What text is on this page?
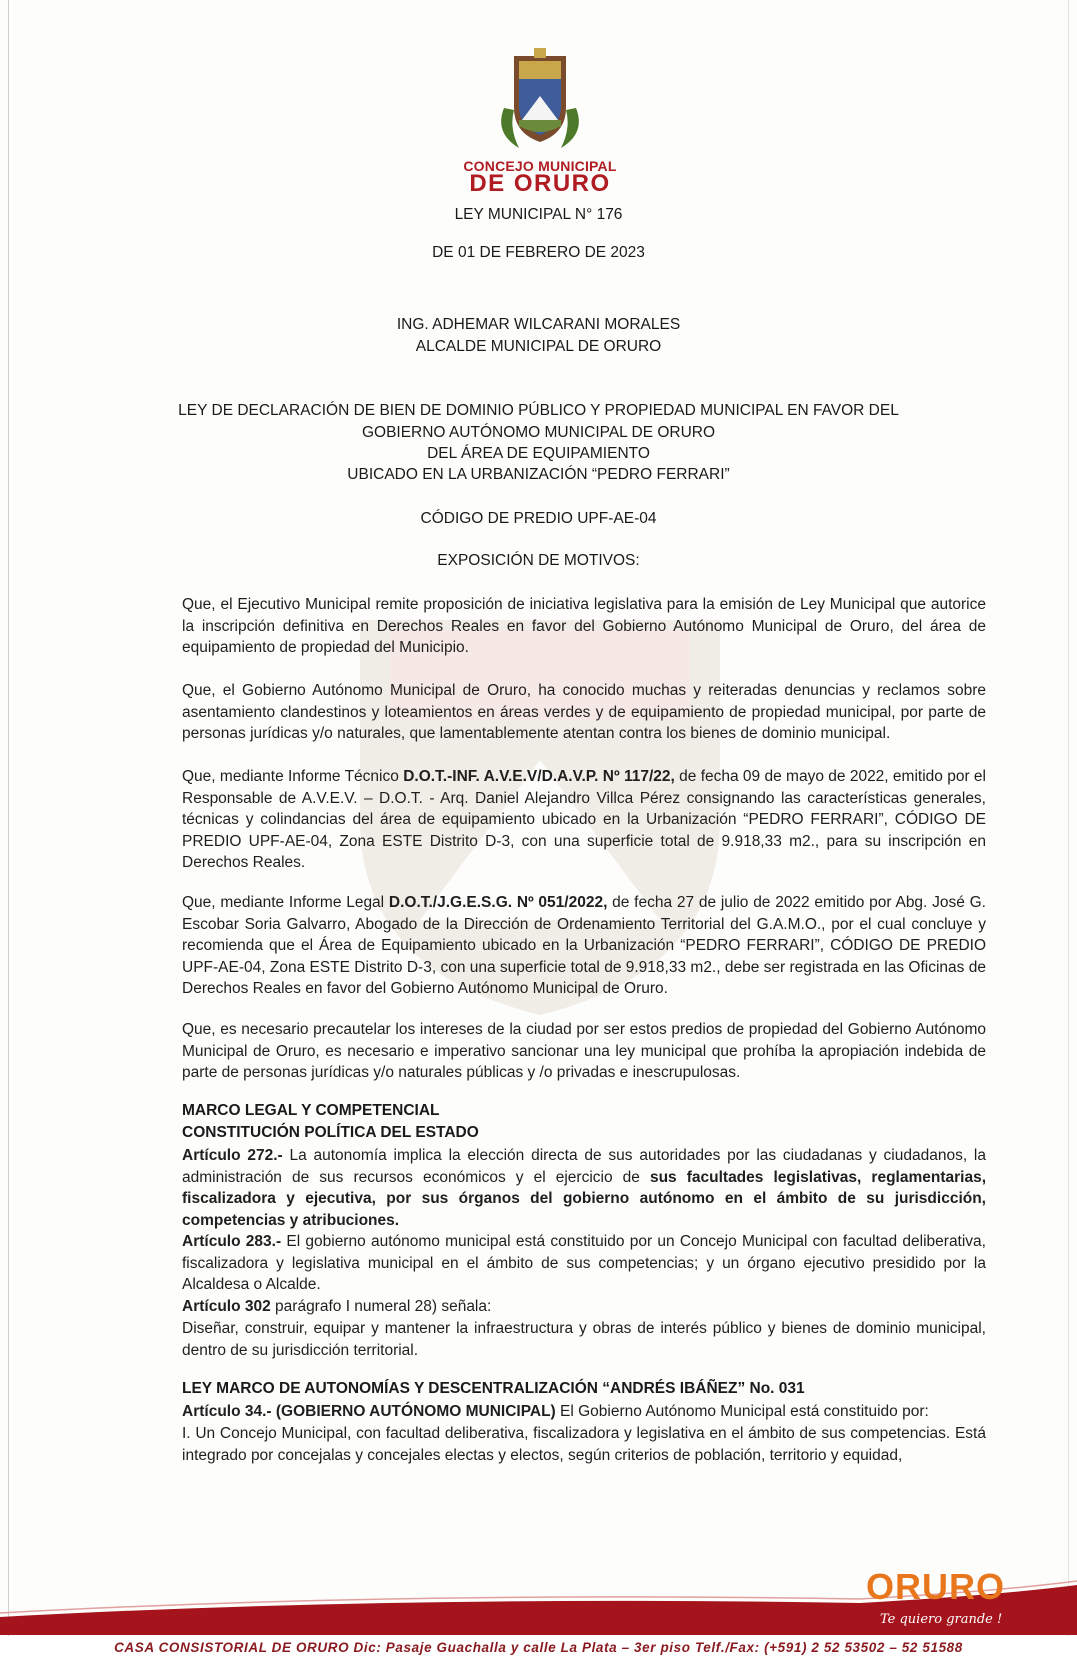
CONCEJO MUNICIPAL
DE ORURO
LEY MUNICIPAL N° 176
DE 01 DE FEBRERO DE 2023
ING. ADHEMAR WILCARANI MORALES
ALCALDE MUNICIPAL DE ORURO
LEY DE DECLARACIÓN DE BIEN DE DOMINIO PÚBLICO Y PROPIEDAD MUNICIPAL EN FAVOR DEL
GOBIERNO AUTÓNOMO MUNICIPAL DE ORURO
DEL ÁREA DE EQUIPAMIENTO
UBICADO EN LA URBANIZACIÓN “PEDRO FERRARI”
CÓDIGO DE PREDIO UPF-AE-04
EXPOSICIÓN DE MOTIVOS:
Que, el Ejecutivo Municipal remite proposición de iniciativa legislativa para la emisión de Ley Municipal que autorice la inscripción definitiva en Derechos Reales en favor del Gobierno Autónomo Municipal de Oruro, del área de equipamiento de propiedad del Municipio.
Que, el Gobierno Autónomo Municipal de Oruro, ha conocido muchas y reiteradas denuncias y reclamos sobre asentamiento clandestinos y loteamientos en áreas verdes y de equipamiento de propiedad municipal, por parte de personas jurídicas y/o naturales, que lamentablemente atentan contra los bienes de dominio municipal.
Que, mediante Informe Técnico D.O.T.-INF. A.V.E.V/D.A.V.P. Nº 117/22, de fecha 09 de mayo de 2022, emitido por el Responsable de A.V.E.V. – D.O.T. - Arq. Daniel Alejandro Villca Pérez consignando las características generales, técnicas y colindancias del área de equipamiento ubicado en la Urbanización “PEDRO FERRARI”, CÓDIGO DE PREDIO UPF-AE-04, Zona ESTE Distrito D-3, con una superficie total de 9.918,33 m2., para su inscripción en Derechos Reales.
Que, mediante Informe Legal D.O.T./J.G.E.S.G. Nº 051/2022, de fecha 27 de julio de 2022 emitido por Abg. José G. Escobar Soria Galvarro, Abogado de la Dirección de Ordenamiento Territorial del G.A.M.O., por el cual concluye y recomienda que el Área de Equipamiento ubicado en la Urbanización “PEDRO FERRARI”, CÓDIGO DE PREDIO UPF-AE-04, Zona ESTE Distrito D-3, con una superficie total de 9.918,33 m2., debe ser registrada en las Oficinas de Derechos Reales en favor del Gobierno Autónomo Municipal de Oruro.
Que, es necesario precautelar los intereses de la ciudad por ser estos predios de propiedad del Gobierno Autónomo Municipal de Oruro, es necesario e imperativo sancionar una ley municipal que prohíba la apropiación indebida de parte de personas jurídicas y/o naturales públicas y /o privadas e inescrupulosas.
MARCO LEGAL Y COMPETENCIAL
CONSTITUCIÓN POLÍTICA DEL ESTADO
Artículo 272.- La autonomía implica la elección directa de sus autoridades por las ciudadanas y ciudadanos, la administración de sus recursos económicos y el ejercicio de sus facultades legislativas, reglamentarias, fiscalizadora y ejecutiva, por sus órganos del gobierno autónomo en el ámbito de su jurisdicción, competencias y atribuciones.
Artículo 283.- El gobierno autónomo municipal está constituido por un Concejo Municipal con facultad deliberativa, fiscalizadora y legislativa municipal en el ámbito de sus competencias; y un órgano ejecutivo presidido por la Alcaldesa o Alcalde.
Artículo 302 parágrafo I numeral 28) señala:
Diseñar, construir, equipar y mantener la infraestructura y obras de interés público y bienes de dominio municipal, dentro de su jurisdicción territorial.
LEY MARCO DE AUTONOMÍAS Y DESCENTRALIZACIÓN “ANDRÉS IBÁÑEZ” No. 031
Artículo 34.- (GOBIERNO AUTÓNOMO MUNICIPAL) El Gobierno Autónomo Municipal está constituido por:
I. Un Concejo Municipal, con facultad deliberativa, fiscalizadora y legislativa en el ámbito de sus competencias. Está integrado por concejalas y concejales electas y electos, según criterios de población, territorio y equidad,
ORURO
Te quiero grande !
CASA CONSISTORIAL DE ORURO Dic: Pasaje Guachalla y calle La Plata – 3er piso Telf./Fax: (+591) 2 52 53502 – 52 51588
